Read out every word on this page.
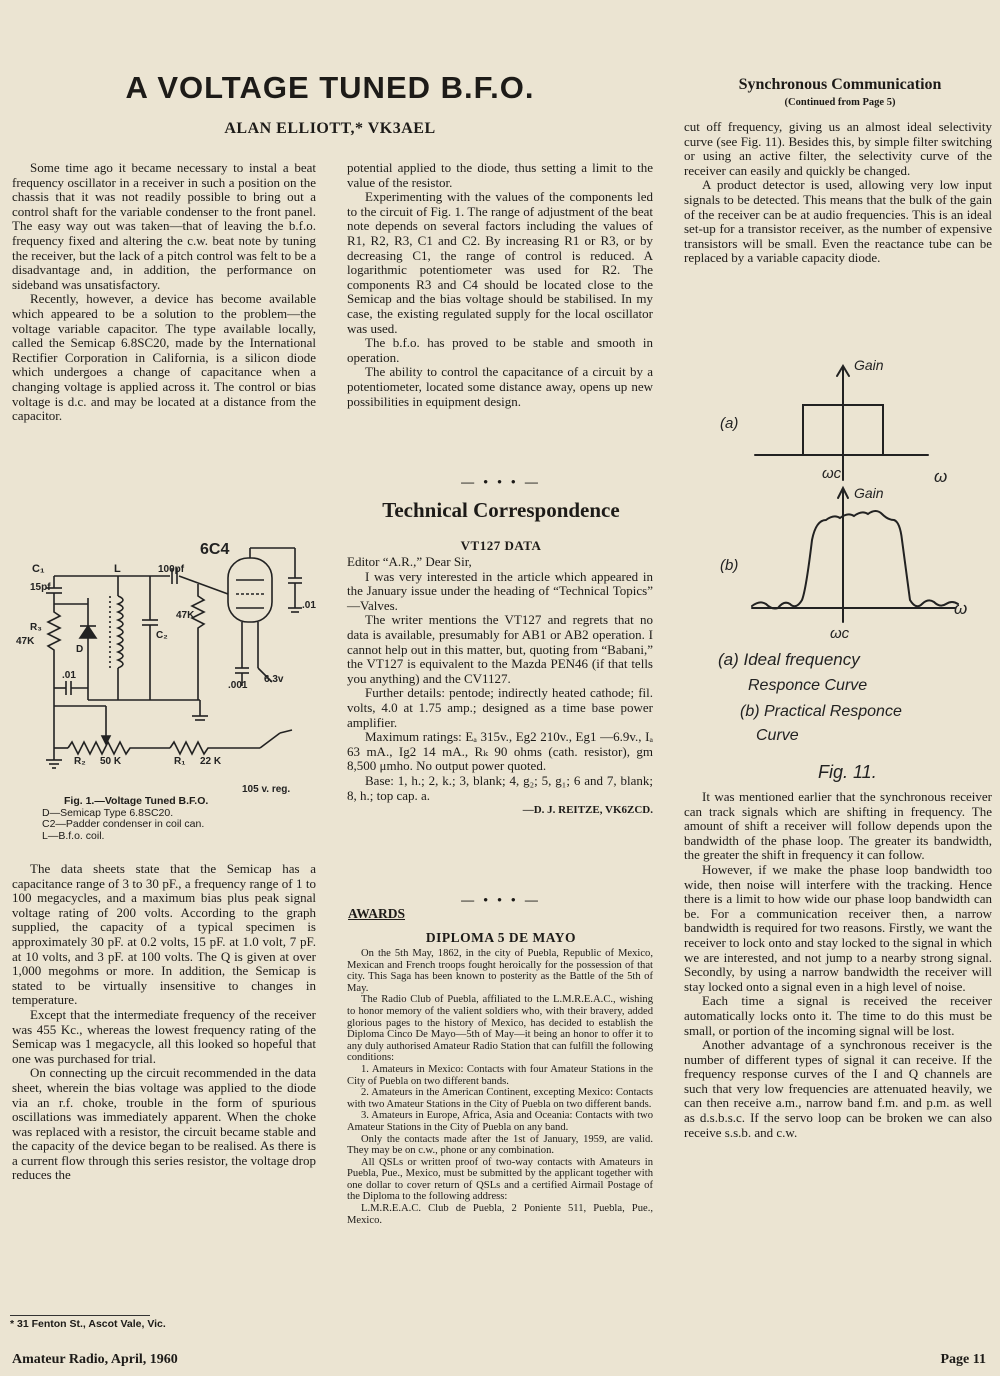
A VOLTAGE TUNED B.F.O.
ALAN ELLIOTT,* VK3AEL

Some time ago it became necessary to instal a beat frequency oscillator in a receiver in such a position on the chassis that it was not readily possible to bring out a control shaft for the variable condenser to the front panel. The easy way out was taken—that of leaving the b.f.o. frequency fixed and altering the c.w. beat note by tuning the receiver, but the lack of a pitch control was felt to be a disadvantage and, in addition, the performance on sideband was unsatisfactory.

Recently, however, a device has become available which appeared to be a solution to the problem—the voltage variable capacitor. The type available locally, called the Semicap 6.8SC20, made by the International Rectifier Corporation in California, is a silicon diode which undergoes a change of capacitance when a changing voltage is applied across it. The control or bias voltage is d.c. and may be located at a distance from the capacitor.

6C4
C₁
15pf
L	100pf
R₃
47K
D
C₂
47K
.01
.01
.001
6.3v
R₂ 50 K	R₁ 22 K
105 v. reg.
Fig. 1.—Voltage Tuned B.F.O.
D—Semicap Type 6.8SC20.
C2—Padder condenser in coil can.
L—B.f.o. coil.

The data sheets state that the Semicap has a capacitance range of 3 to 30 pF., a frequency range of 1 to 100 megacycles, and a maximum bias plus peak signal voltage rating of 200 volts. According to the graph supplied, the capacity of a typical specimen is approximately 30 pF. at 0.2 volts, 15 pF. at 1.0 volt, 7 pF. at 10 volts, and 3 pF. at 100 volts. The Q is given at over 1,000 megohms or more. In addition, the Semicap is stated to be virtually insensitive to changes in temperature.

Except that the intermediate frequency of the receiver was 455 Kc., whereas the lowest frequency rating of the Semicap was 1 megacycle, all this looked so hopeful that one was purchased for trial.

On connecting up the circuit recommended in the data sheet, wherein the bias voltage was applied to the diode via an r.f. choke, trouble in the form of spurious oscillations was immediately apparent. When the choke was replaced with a resistor, the circuit became stable and the capacity of the device began to be realised. As there is a current flow through this series resistor, the voltage drop reduces the

* 31 Fenton St., Ascot Vale, Vic.

potential applied to the diode, thus setting a limit to the value of the resistor.

Experimenting with the values of the components led to the circuit of Fig. 1. The range of adjustment of the beat note depends on several factors including the values of R1, R2, R3, C1 and C2. By increasing R1 or R3, or by decreasing C1, the range of control is reduced. A logarithmic potentiometer was used for R2. The components R3 and C4 should be located close to the Semicap and the bias voltage should be stabilised. In my case, the existing regulated supply for the local oscillator was used.

The b.f.o. has proved to be stable and smooth in operation.

The ability to control the capacitance of a circuit by a potentiometer, located some distance away, opens up new possibilities in equipment design.

— • • • —
Technical Correspondence
VT127 DATA

Editor “A.R.,” Dear Sir,

I was very interested in the article which appeared in the January issue under the heading of “Technical Topics” —Valves.

The writer mentions the VT127 and regrets that no data is available, presumably for AB1 or AB2 operation. I cannot help out in this matter, but, quoting from “Babani,” the VT127 is equivalent to the Mazda PEN46 (if that tells you anything) and the CV1127.

Further details: pentode; indirectly heated cathode; fil. volts, 4.0 at 1.75 amp.; designed as a time base power amplifier.

Maximum ratings: Eₐ 315v., Eg2 210v., Eg1 —6.9v., Iₐ 63 mA., Ig2 14 mA., Rₖ 90 ohms (cath. resistor), gm 8,500 μmho. No output power quoted.

Base: 1, h.; 2, k.; 3, blank; 4, g₂; 5, g₁; 6 and 7, blank; 8, h.; top cap. a.

—D. J. REITZE, VK6ZCD.
— • • • —
AWARDS
DIPLOMA 5 DE MAYO

On the 5th May, 1862, in the city of Puebla, Republic of Mexico, Mexican and French troops fought heroically for the possession of that city. This Saga has been known to posterity as the Battle of the 5th of May.

The Radio Club of Puebla, affiliated to the L.M.R.E.A.C., wishing to honor memory of the valient soldiers who, with their bravery, added glorious pages to the history of Mexico, has decided to establish the Diploma Cinco De Mayo—5th of May—it being an honor to offer it to any duly authorised Amateur Radio Station that can fulfill the following conditions:

1. Amateurs in Mexico: Contacts with four Amateur Stations in the City of Puebla on two different bands.

2. Amateurs in the American Continent, excepting Mexico: Contacts with two Amateur Stations in the City of Puebla on two different bands.

3. Amateurs in Europe, Africa, Asia and Oceania: Contacts with two Amateur Stations in the City of Puebla on any band.

Only the contacts made after the 1st of January, 1959, are valid. They may be on c.w., phone or any combination.

All QSLs or written proof of two-way contacts with Amateurs in Puebla, Pue., Mexico, must be submitted by the applicant together with one dollar to cover return of QSLs and a certified Airmail Postage of the Diploma to the following address:

L.M.R.E.A.C. Club de Puebla, 2 Poniente 511, Puebla, Pue., Mexico.

Synchronous Communication
(Continued from Page 5)

cut off frequency, giving us an almost ideal selectivity curve (see Fig. 11). Besides this, by simple filter switching or using an active filter, the selectivity curve of the receiver can easily and quickly be changed.

A product detector is used, allowing very low input signals to be detected. This means that the bulk of the gain of the receiver can be at audio frequencies. This is an ideal set-up for a transistor receiver, as the number of expensive transistors will be small. Even the reactance tube can be replaced by a variable capacity diode.

Gain
(a)
ωc	ω
Gain
(b)
ωc
ω
(a) Ideal frequency
Responce Curve
(b) Practical Responce
Curve
Fig. 11.

It was mentioned earlier that the synchronous receiver can track signals which are shifting in frequency. The amount of shift a receiver will follow depends upon the bandwidth of the phase loop. The greater its bandwidth, the greater the shift in frequency it can follow.

However, if we make the phase loop bandwidth too wide, then noise will interfere with the tracking. Hence there is a limit to how wide our phase loop bandwidth can be. For a communication receiver then, a narrow bandwidth is required for two reasons. Firstly, we want the receiver to lock onto and stay locked to the signal in which we are interested, and not jump to a nearby strong signal. Secondly, by using a narrow bandwidth the receiver will stay locked onto a signal even in a high level of noise.

Each time a signal is received the receiver automatically locks onto it. The time to do this must be small, or portion of the incoming signal will be lost.

Another advantage of a synchronous receiver is the number of different types of signal it can receive. If the frequency response curves of the I and Q channels are such that very low frequencies are attenuated heavily, we can then receive a.m., narrow band f.m. and p.m. as well as d.s.b.s.c. If the servo loop can be broken we can also receive s.s.b. and c.w.

Amateur Radio, April, 1960	Page 11
